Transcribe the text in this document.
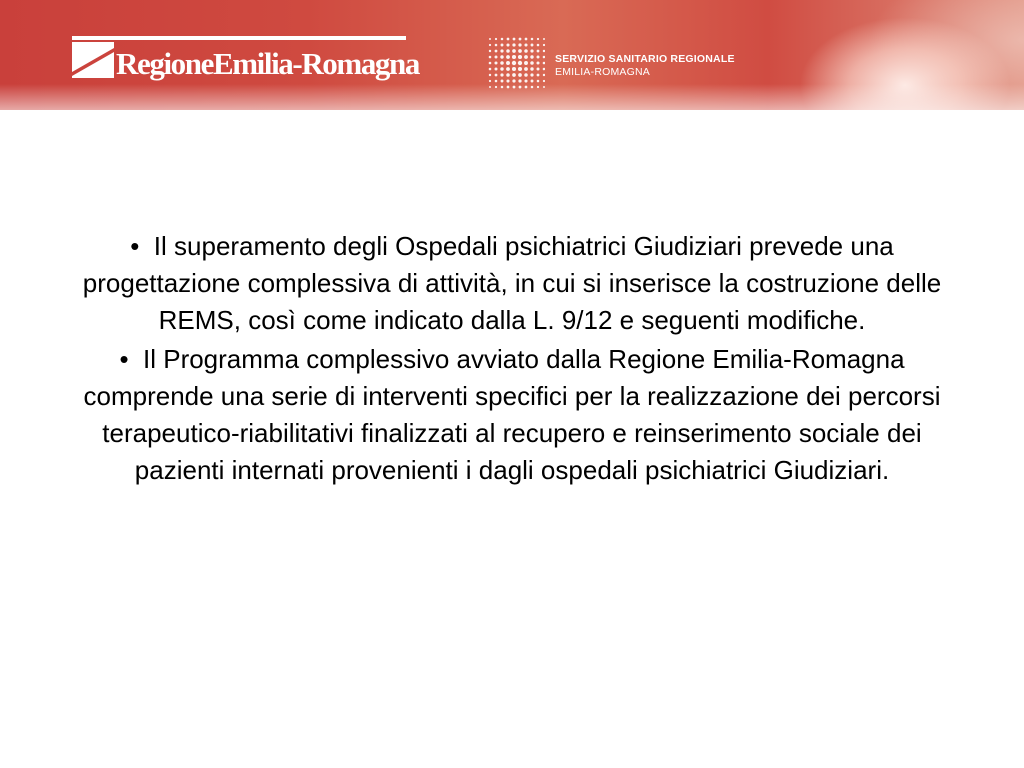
RegioneEmilia-Romagna	SERVIZIO SANITARIO REGIONALE
EMILIA-ROMAGNA

• Il superamento degli Ospedali psichiatrici Giudiziari prevede una progettazione complessiva di attività, in cui si inserisce la costruzione delle REMS, così come indicato dalla L. 9/12 e seguenti modifiche.

• Il Programma complessivo avviato dalla Regione Emilia-Romagna comprende una serie di interventi specifici per la realizzazione dei percorsi terapeutico-riabilitativi finalizzati al recupero e reinserimento sociale dei pazienti internati provenienti i dagli ospedali psichiatrici Giudiziari.
